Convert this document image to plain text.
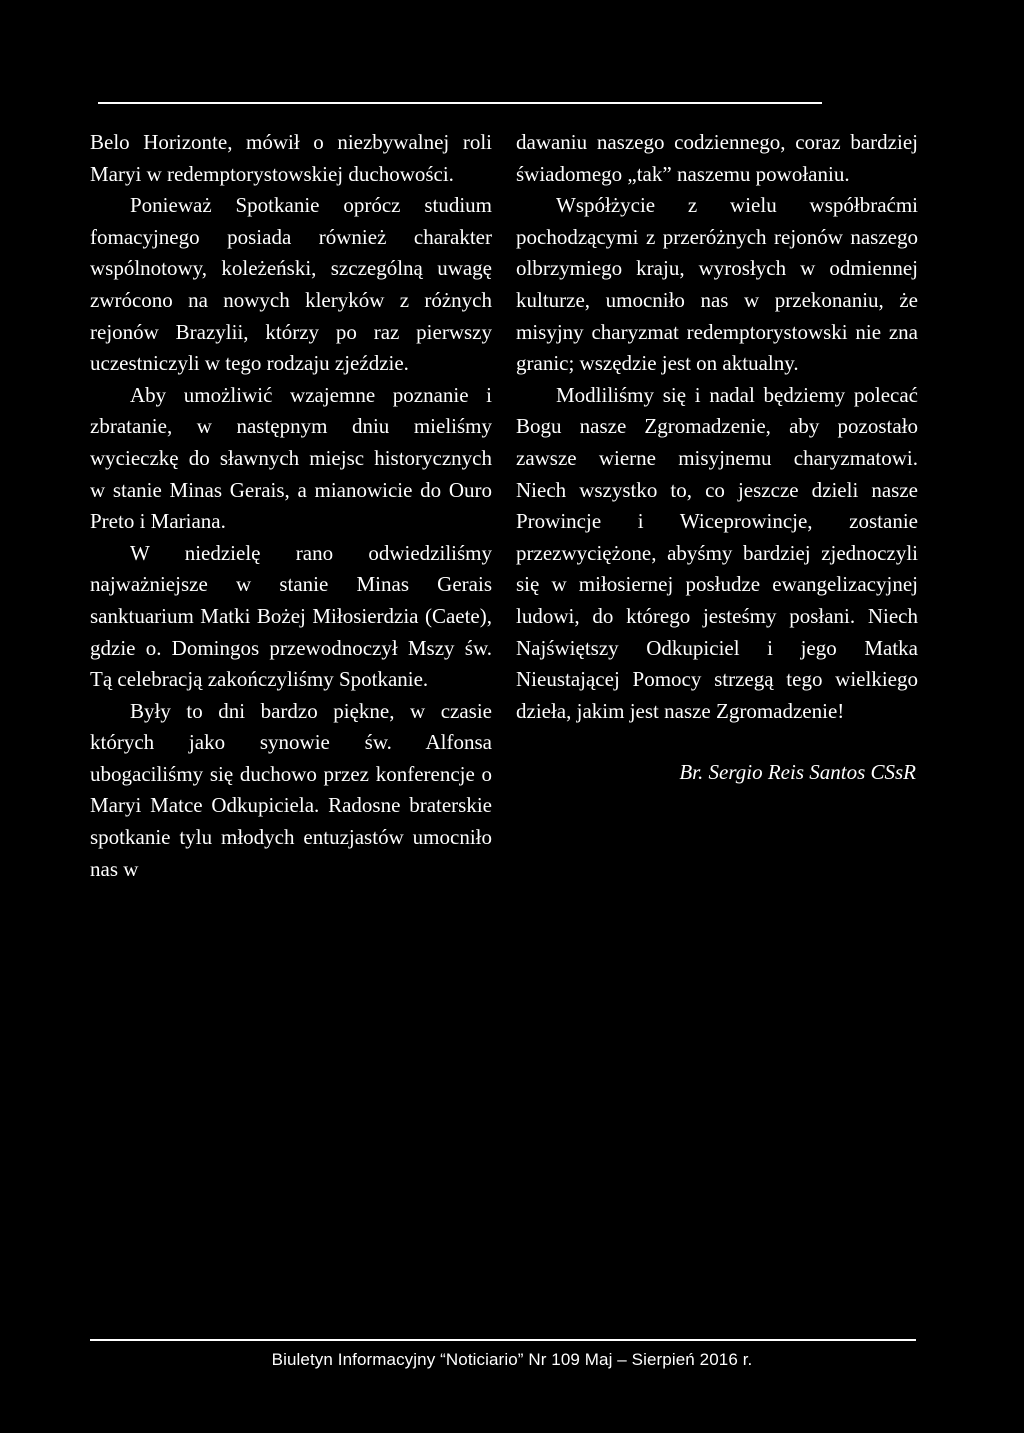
Belo Horizonte, mówił o niezbywalnej roli Maryi w redemptorystowskiej duchowości.

Ponieważ Spotkanie oprócz studium fomacyjnego posiada również charakter wspólnotowy, koleżeński, szczególną uwagę zwrócono na nowych kleryków z różnych rejonów Brazylii, którzy po raz pierwszy uczestniczyli w tego rodzaju zjeździe.

Aby umożliwić wzajemne poznanie i zbratanie, w następnym dniu mieliśmy wycieczkę do sławnych miejsc historycznych w stanie Minas Gerais, a mianowicie do Ouro Preto i Mariana.

W niedzielę rano odwiedziliśmy najważniejsze w stanie Minas Gerais sanktuarium Matki Bożej Miłosierdzia (Caete), gdzie o. Domingos przewodnoczył Mszy św. Tą celebracją zakończyliśmy Spotkanie.

Były to dni bardzo piękne, w czasie których jako synowie św. Alfonsa ubogaciliśmy się duchowo przez konferencje o Maryi Matce Odkupiciela. Radosne braterskie spotkanie tylu młodych entuzjastów umocniło nas w

dawaniu naszego codziennego, coraz bardziej świadomego „tak” naszemu powołaniu.

Współżycie z wielu współbraćmi pochodzącymi z przeróżnych rejonów naszego olbrzymiego kraju, wyrosłych w odmiennej kulturze, umocniło nas w przekonaniu, że misyjny charyzmat redemptorystowski nie zna granic; wszędzie jest on aktualny.

Modliliśmy się i nadal będziemy polecać Bogu nasze Zgromadzenie, aby pozostało zawsze wierne misyjnemu charyzmatowi. Niech wszystko to, co jeszcze dzieli nasze Prowincje i Wiceprowincje, zostanie przezwyciężone, abyśmy bardziej zjednoczyli się w miłosiernej posłudze ewangelizacyjnej ludowi, do którego jesteśmy posłani. Niech Najświętszy Odkupiciel i jego Matka Nieustającej Pomocy strzegą tego wielkiego dzieła, jakim jest nasze Zgromadzenie!

Br. Sergio Reis Santos CSsR
Biuletyn Informacyjny “Noticiario” Nr 109 Maj – Sierpień 2016 r.
